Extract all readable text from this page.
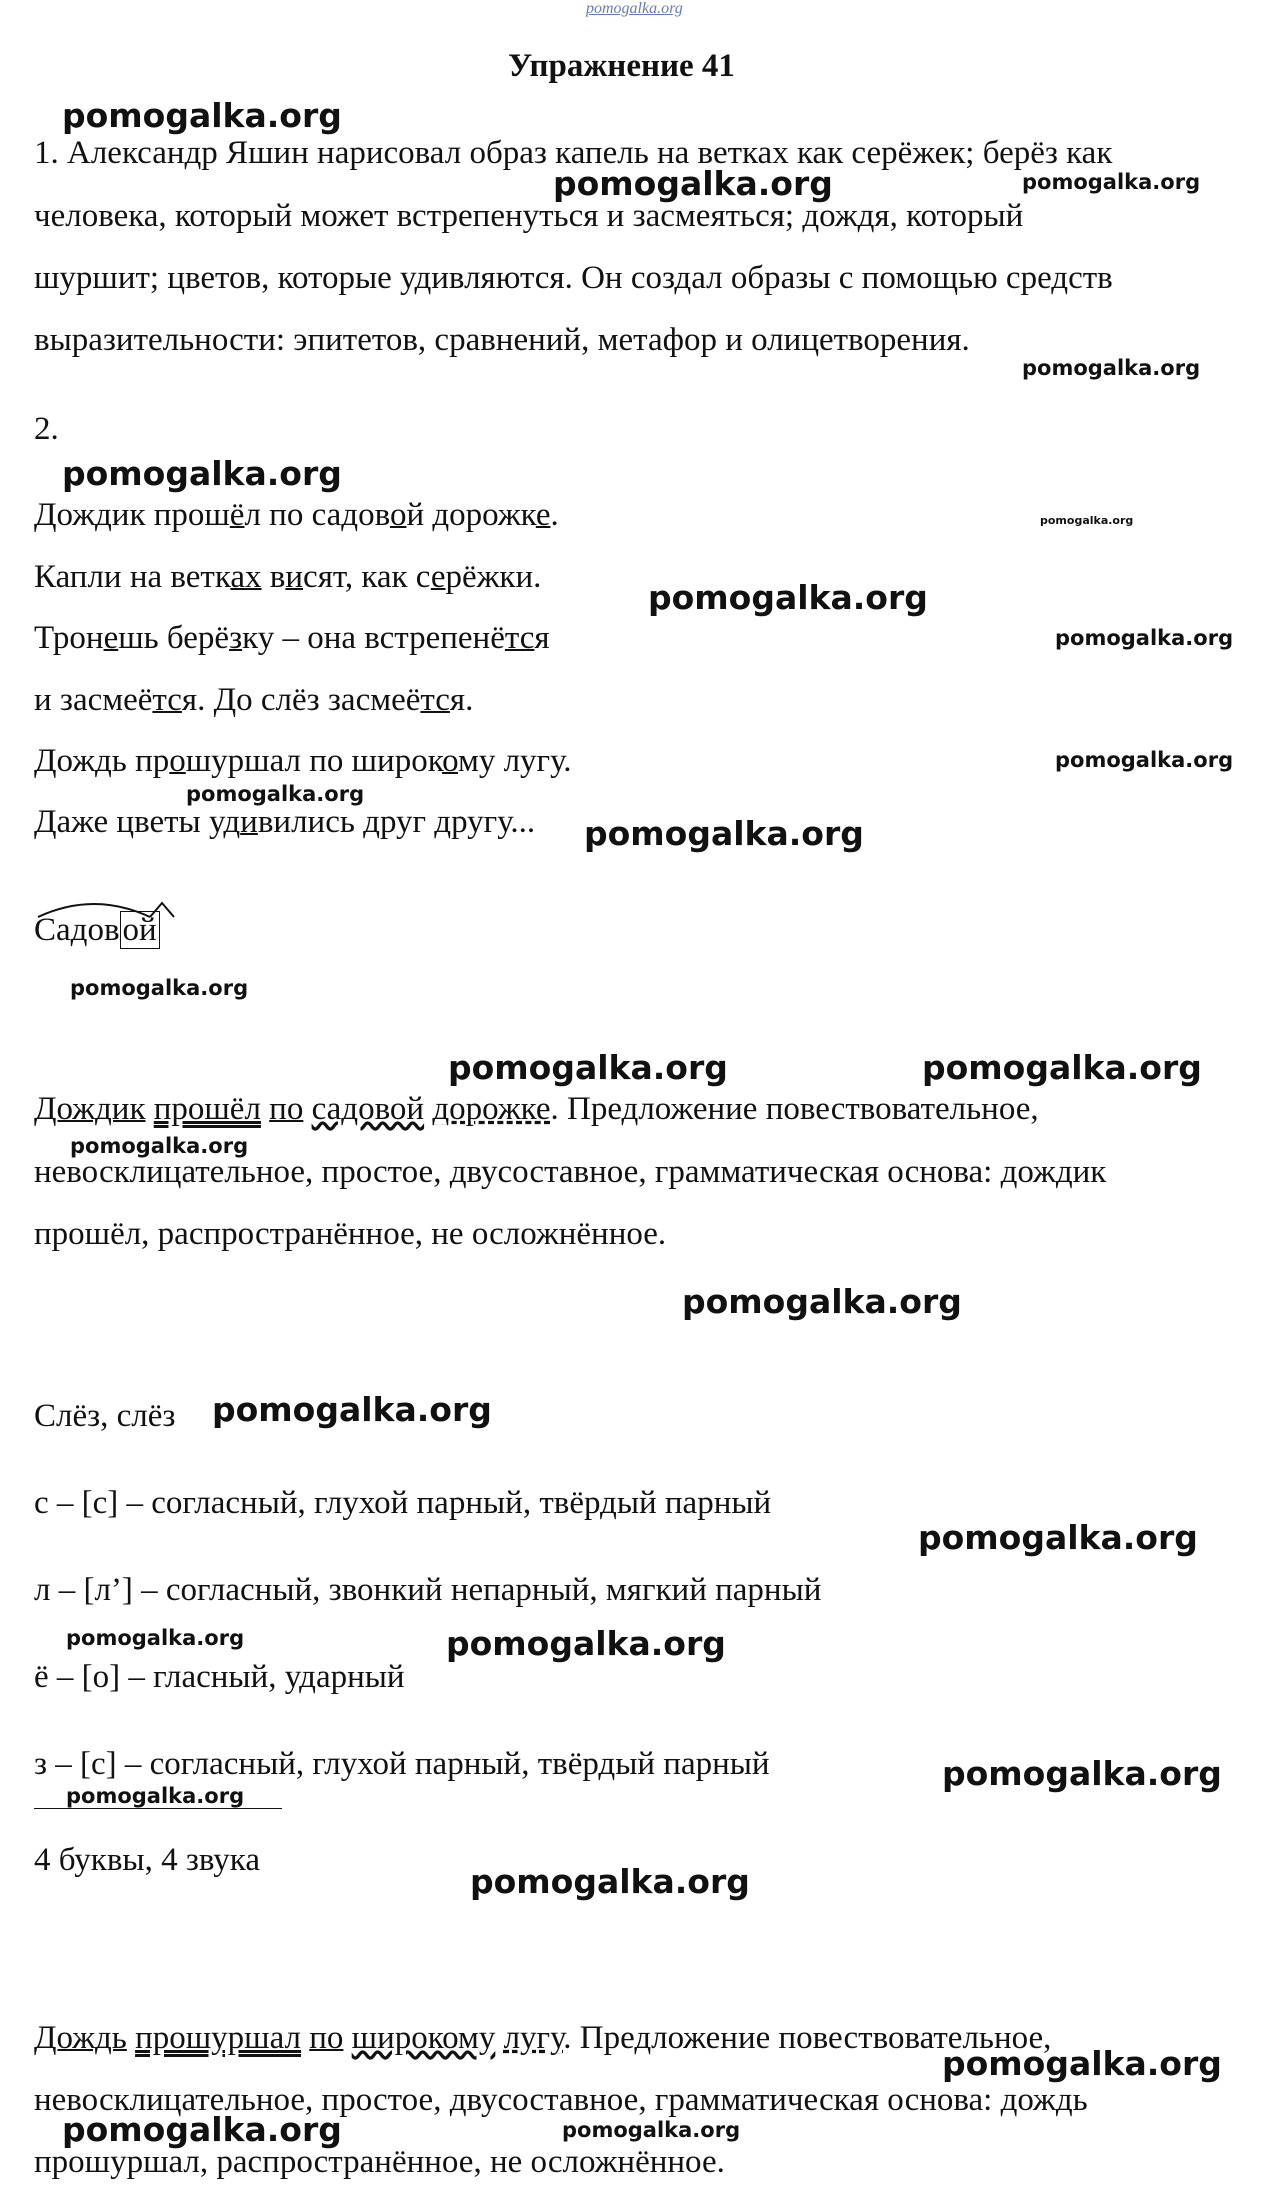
pomogalka.org
Упражнение 41
1. Александр Яшин нарисовал образ капель на ветках как серёжек; берёз как
человека, который может встрепенуться и засмеяться; дождя, который
шуршит; цветов, которые удивляются. Он создал образы с помощью средств
выразительности: эпитетов, сравнений, метафор и олицетворения.
2.
Дождик прошёл по садовой дорожке.
Капли на ветках висят, как серёжки.
Тронешь берёзку – она встрепенётся
и засмеётся. До слёз засмеётся.
Дождь прошуршал по широкому лугу.
Даже цветы удивились друг другу...
Садовой
Дождик прошёл по садовой дорожке. Предложение повествовательное,
невосклицательное, простое, двусоставное, грамматическая основа: дождик
прошёл, распространённое, не осложнённое.
Слёз, слёз
с – [с] – согласный, глухой парный, твёрдый парный
л – [л’] – согласный, звонкий непарный, мягкий парный
ё – [о] – гласный, ударный
з – [с] – согласный, глухой парный, твёрдый парный
4 буквы, 4 звука
Дождь прошуршал по широкому лугу. Предложение повествовательное,
невосклицательное, простое, двусоставное, грамматическая основа: дождь
прошуршал, распространённое, не осложнённое.
pomogalka.org
pomogalka.org	pomogalka.org
pomogalka.org
pomogalka.org
pomogalka.org
pomogalka.org
pomogalka.org
pomogalka.org
pomogalka.org
pomogalka.org
pomogalka.org
pomogalka.org	pomogalka.org
pomogalka.org
pomogalka.org
pomogalka.org
pomogalka.org
pomogalka.org	pomogalka.org
pomogalka.org
pomogalka.org
pomogalka.org
pomogalka.org
pomogalka.org	pomogalka.org
